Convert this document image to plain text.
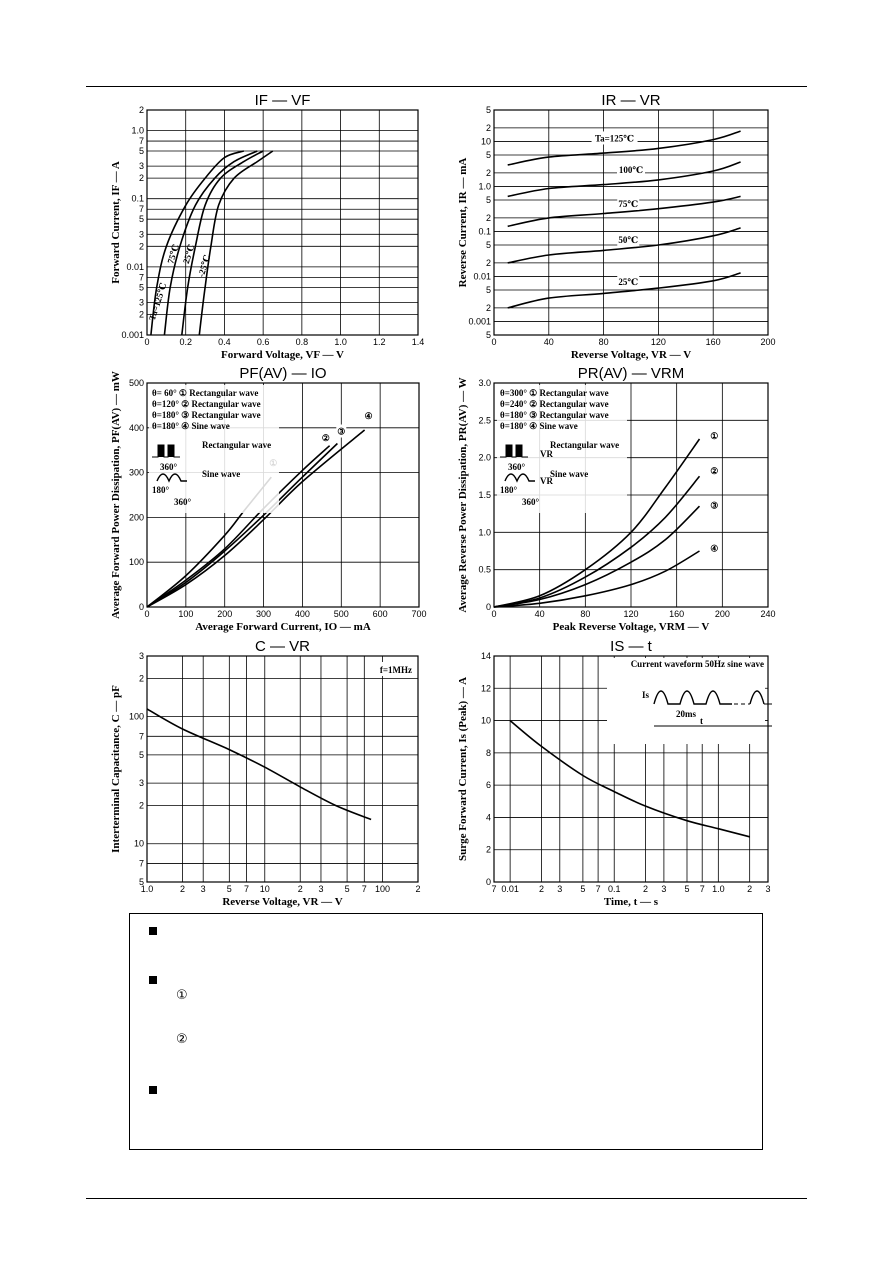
0	0.2	0.4	0.6	0.8	1.0	1.2	1.4
2
1.0
7
5
3
2
0.1
7
5
3
2
0.01
7
5
3
2
0.001
IF — VF
Forward Voltage, VF — V
Forward Current, IF — A
Ta=125℃
75℃ 25℃ -25℃
0	40	80	120	160	200
5
2
10
5
2
1.0
5
2
0.1
5
2
0.01
5
2
0.001
5
IR — VR
Reverse Voltage, VR — V
Reverse Current, IR — mA
Ta=125℃
100℃
75℃
50℃
25℃
0	100	200	300	400	500	600	700
0
100
200
300
400
500
PF(AV) — IO
Average Forward Current, IO — mA
Average Forward Power Dissipation, PF(AV) — mW	②
③
④
θ= 60° ① Rectangular wave
θ=120° ② Rectangular wave
θ=180° ③ Rectangular wave
θ=180° ④ Sine wave
Rectangular wave
360°
Sine wave
180°
360°
0	40	80	120	160	200	240
0
0.5
1.0
1.5
2.0
2.5
3.0
PR(AV) — VRM
Peak Reverse Voltage, VRM — V
Average Reverse Power Dissipation, PR(AV) — W	①
②
③
④
θ=300° ① Rectangular wave
θ=240° ② Rectangular wave
θ=180° ③ Rectangular wave
θ=180° ④ Sine wave
Rectangular wave
360°
Sine wave
180°
360°
VR
VR
1.0	2 3 5 7 10	2 3 5 7 100	2
3
2
100
7
5
3
2
10
7
5
C — VR
Reverse Voltage, VR — V
Interterminal Capacitance, C — pF
f=1MHz
7 0.01 2 3 5 7 0.1	2 3 5 7 1.0	2 3
0
2
4
6
8
10
12
14
IS — t
Time, t — s
Surge Forward Current, Is (Peak) — A
Current waveform 50Hz sine wave
Is
20ms
t
①
②
